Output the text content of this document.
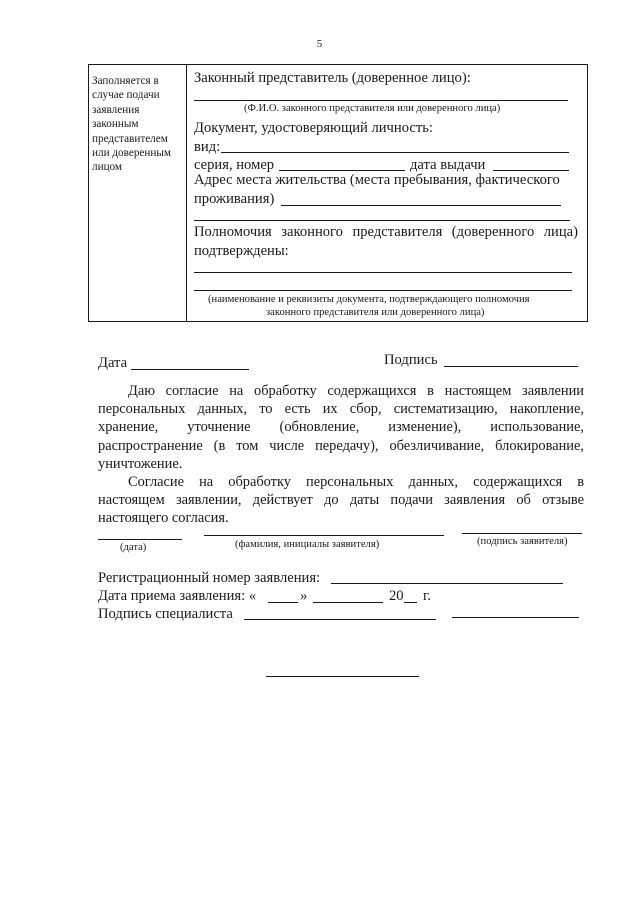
5
Заполняется в случае подачи заявления законным представителем или доверенным лицом
Законный представитель (доверенное лицо):
(Ф.И.О. законного представителя или доверенного лица)
Документ, удостоверяющий личность:
вид:
серия, номер	дата выдачи
Адрес места жительства (места пребывания, фактического
проживания)
Полномочия законного представителя (доверенного лица)
подтверждены:
(наименование и реквизиты документа, подтверждающего полномочия
законного представителя или доверенного лица)
Дата	Подпись
Даю согласие на обработку содержащихся в настоящем заявлении
персональных данных, то есть их сбор, систематизацию, накопление,
хранение, уточнение (обновление, изменение), использование,
распространение (в том числе передачу), обезличивание, блокирование,
уничтожение.
Согласие на обработку персональных данных, содержащихся в
настоящем заявлении, действует до даты подачи заявления об отзыве
настоящего согласия.
(дата)	(фамилия, инициалы заявителя)	(подпись заявителя)
Регистрационный номер заявления:
Дата приема заявления: «	»	20 г.
Подпись специалиста
